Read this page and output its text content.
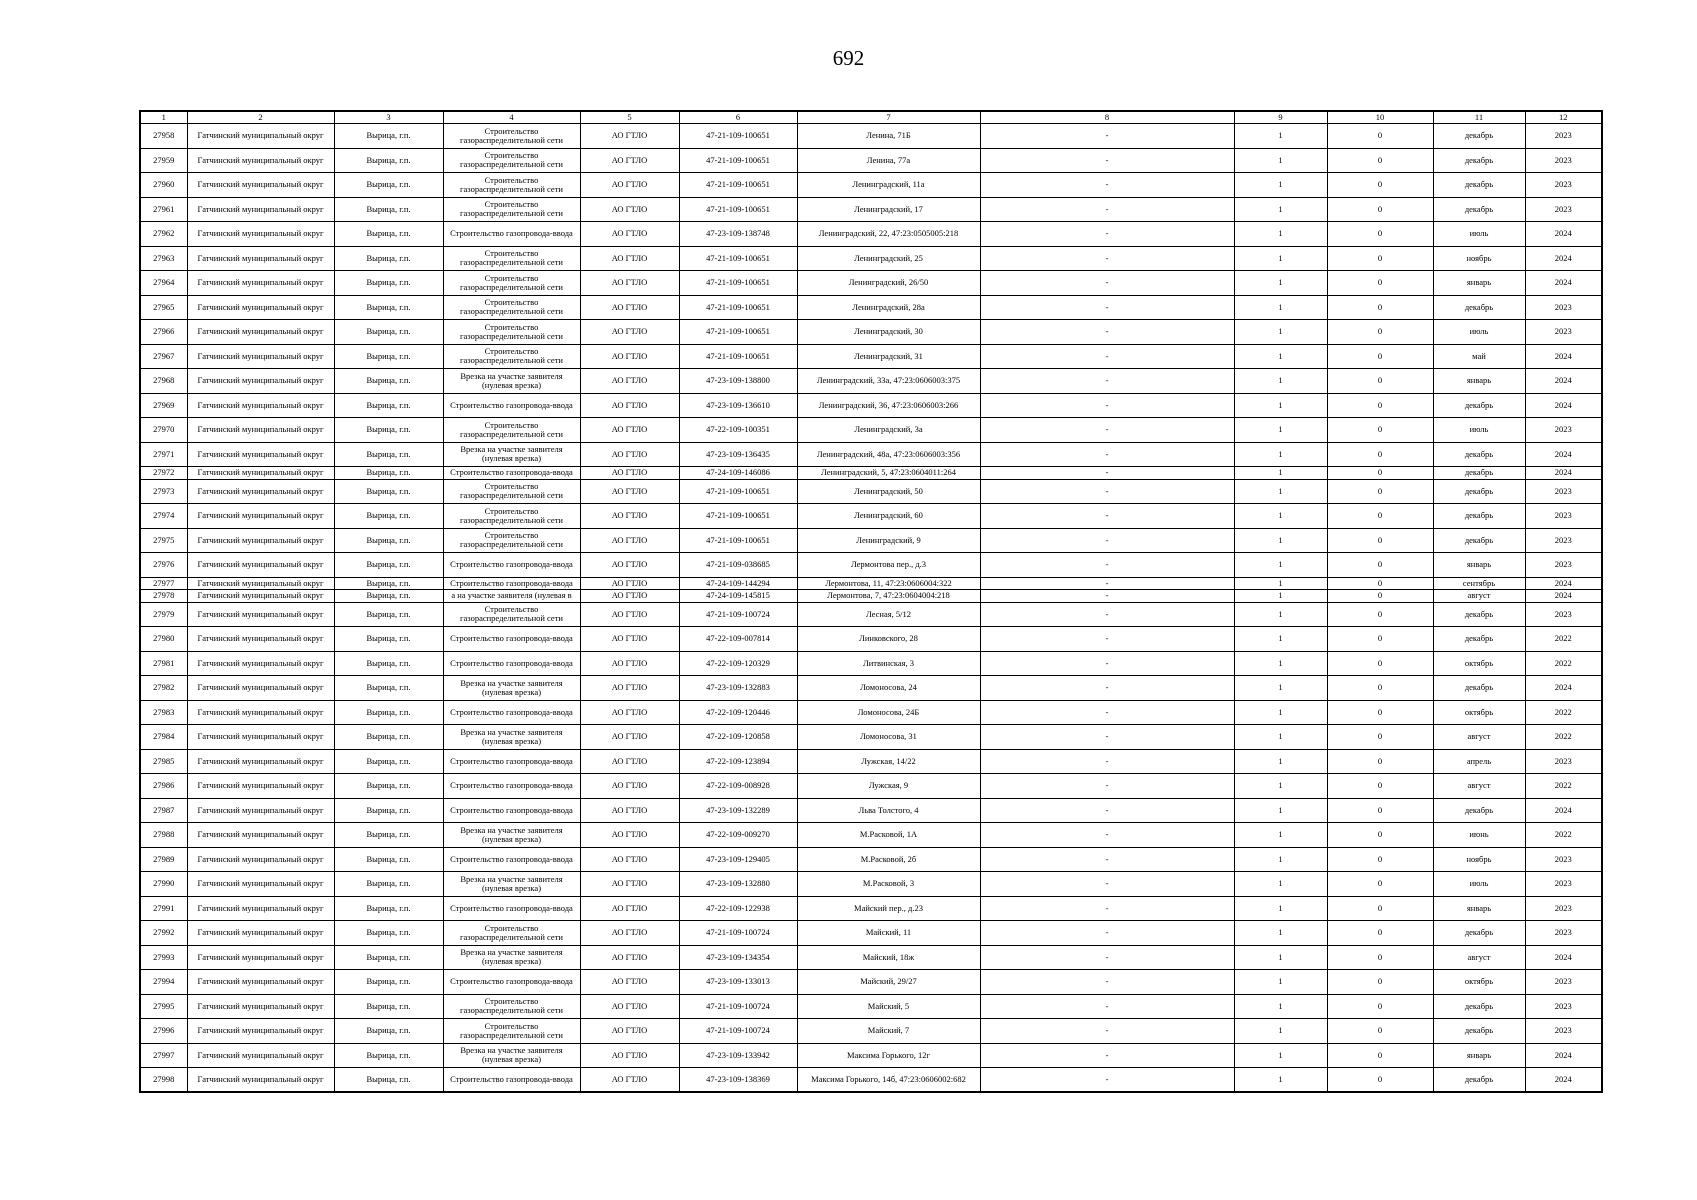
692
1	2	3	4	5	6	7	8	9	10	11	12
27958	Гатчинский муниципальный округ	Вырица, г.п.	Строительство газораспределительной сети	АО ГТЛО	47-21-109-100651	Ленина, 71Б	-	1	0	декабрь	2023
27959	Гатчинский муниципальный округ	Вырица, г.п.	Строительство газораспределительной сети	АО ГТЛО	47-21-109-100651	Ленина, 77а	-	1	0	декабрь	2023
27960	Гатчинский муниципальный округ	Вырица, г.п.	Строительство газораспределительной сети	АО ГТЛО	47-21-109-100651	Ленинградский, 11а	-	1	0	декабрь	2023
27961	Гатчинский муниципальный округ	Вырица, г.п.	Строительство газораспределительной сети	АО ГТЛО	47-21-109-100651	Ленинградский, 17	-	1	0	декабрь	2023
27962	Гатчинский муниципальный округ	Вырица, г.п.	Строительство газопровода-ввода	АО ГТЛО	47-23-109-138748	Ленинградский, 22, 47:23:0505005:218	-	1	0	июль	2024
27963	Гатчинский муниципальный округ	Вырица, г.п.	Строительство газораспределительной сети	АО ГТЛО	47-21-109-100651	Ленинградский, 25	-	1	0	ноябрь	2024
27964	Гатчинский муниципальный округ	Вырица, г.п.	Строительство газораспределительной сети	АО ГТЛО	47-21-109-100651	Ленинградский, 26/50	-	1	0	январь	2024
27965	Гатчинский муниципальный округ	Вырица, г.п.	Строительство газораспределительной сети	АО ГТЛО	47-21-109-100651	Ленинградский, 28а	-	1	0	декабрь	2023
27966	Гатчинский муниципальный округ	Вырица, г.п.	Строительство газораспределительной сети	АО ГТЛО	47-21-109-100651	Ленинградский, 30	-	1	0	июль	2023
27967	Гатчинский муниципальный округ	Вырица, г.п.	Строительство газораспределительной сети	АО ГТЛО	47-21-109-100651	Ленинградский, 31	-	1	0	май	2024
27968	Гатчинский муниципальный округ	Вырица, г.п.	Врезка на участке заявителя (нулевая врезка)	АО ГТЛО	47-23-109-138800	Ленинградский, 33а, 47:23:0606003:375	-	1	0	январь	2024
27969	Гатчинский муниципальный округ	Вырица, г.п.	Строительство газопровода-ввода	АО ГТЛО	47-23-109-136610	Ленинградский, 36, 47:23:0606003:266	-	1	0	декабрь	2024
27970	Гатчинский муниципальный округ	Вырица, г.п.	Строительство газораспределительной сети	АО ГТЛО	47-22-109-100351	Ленинградский, 3а	-	1	0	июль	2023
27971	Гатчинский муниципальный округ	Вырица, г.п.	Врезка на участке заявителя (нулевая врезка)	АО ГТЛО	47-23-109-136435	Ленинградский, 48а, 47:23:0606003:356	-	1	0	декабрь	2024
27972	Гатчинский муниципальный округ	Вырица, г.п.	Строительство газопровода-ввода	АО ГТЛО	47-24-109-146086	Ленинградский, 5, 47:23:0604011:264	-	1	0	декабрь	2024
27973	Гатчинский муниципальный округ	Вырица, г.п.	Строительство газораспределительной сети	АО ГТЛО	47-21-109-100651	Ленинградский, 50	-	1	0	декабрь	2023
27974	Гатчинский муниципальный округ	Вырица, г.п.	Строительство газораспределительной сети	АО ГТЛО	47-21-109-100651	Ленинградский, 60	-	1	0	декабрь	2023
27975	Гатчинский муниципальный округ	Вырица, г.п.	Строительство газораспределительной сети	АО ГТЛО	47-21-109-100651	Ленинградский, 9	-	1	0	декабрь	2023
27976	Гатчинский муниципальный округ	Вырица, г.п.	Строительство газопровода-ввода	АО ГТЛО	47-21-109-038685	Лермонтова пер., д.3	-	1	0	январь	2023
27977	Гатчинский муниципальный округ	Вырица, г.п.	Строительство газопровода-ввода	АО ГТЛО	47-24-109-144294	Лермонтова, 11, 47:23:0606004:322	-	1	0	сентябрь	2024
27978	Гатчинский муниципальный округ	Вырица, г.п.	а на участке заявителя (нулевая в	АО ГТЛО	47-24-109-145815	Лермонтова, 7, 47:23:0604004:218	-	1	0	август	2024
27979	Гатчинский муниципальный округ	Вырица, г.п.	Строительство газораспределительной сети	АО ГТЛО	47-21-109-100724	Лесная, 5/12	-	1	0	декабрь	2023
27980	Гатчинский муниципальный округ	Вырица, г.п.	Строительство газопровода-ввода	АО ГТЛО	47-22-109-007814	Линковского, 28	-	1	0	декабрь	2022
27981	Гатчинский муниципальный округ	Вырица, г.п.	Строительство газопровода-ввода	АО ГТЛО	47-22-109-120329	Литвинская, 3	-	1	0	октябрь	2022
27982	Гатчинский муниципальный округ	Вырица, г.п.	Врезка на участке заявителя (нулевая врезка)	АО ГТЛО	47-23-109-132883	Ломоносова, 24	-	1	0	декабрь	2024
27983	Гатчинский муниципальный округ	Вырица, г.п.	Строительство газопровода-ввода	АО ГТЛО	47-22-109-120446	Ломоносова, 24Б	-	1	0	октябрь	2022
27984	Гатчинский муниципальный округ	Вырица, г.п.	Врезка на участке заявителя (нулевая врезка)	АО ГТЛО	47-22-109-120858	Ломоносова, 31	-	1	0	август	2022
27985	Гатчинский муниципальный округ	Вырица, г.п.	Строительство газопровода-ввода	АО ГТЛО	47-22-109-123894	Лужская, 14/22	-	1	0	апрель	2023
27986	Гатчинский муниципальный округ	Вырица, г.п.	Строительство газопровода-ввода	АО ГТЛО	47-22-109-008928	Лужская, 9	-	1	0	август	2022
27987	Гатчинский муниципальный округ	Вырица, г.п.	Строительство газопровода-ввода	АО ГТЛО	47-23-109-132289	Льва Толстого, 4	-	1	0	декабрь	2024
27988	Гатчинский муниципальный округ	Вырица, г.п.	Врезка на участке заявителя (нулевая врезка)	АО ГТЛО	47-22-109-009270	М.Расковой, 1А	-	1	0	июнь	2022
27989	Гатчинский муниципальный округ	Вырица, г.п.	Строительство газопровода-ввода	АО ГТЛО	47-23-109-129405	М.Расковой, 2б	-	1	0	ноябрь	2023
27990	Гатчинский муниципальный округ	Вырица, г.п.	Врезка на участке заявителя (нулевая врезка)	АО ГТЛО	47-23-109-132880	М.Расковой, 3	-	1	0	июль	2023
27991	Гатчинский муниципальный округ	Вырица, г.п.	Строительство газопровода-ввода	АО ГТЛО	47-22-109-122938	Майский пер., д.23	-	1	0	январь	2023
27992	Гатчинский муниципальный округ	Вырица, г.п.	Строительство газораспределительной сети	АО ГТЛО	47-21-109-100724	Майский, 11	-	1	0	декабрь	2023
27993	Гатчинский муниципальный округ	Вырица, г.п.	Врезка на участке заявителя (нулевая врезка)	АО ГТЛО	47-23-109-134354	Майский, 18ж	-	1	0	август	2024
27994	Гатчинский муниципальный округ	Вырица, г.п.	Строительство газопровода-ввода	АО ГТЛО	47-23-109-133013	Майский, 29/27	-	1	0	октябрь	2023
27995	Гатчинский муниципальный округ	Вырица, г.п.	Строительство газораспределительной сети	АО ГТЛО	47-21-109-100724	Майский, 5	-	1	0	декабрь	2023
27996	Гатчинский муниципальный округ	Вырица, г.п.	Строительство газораспределительной сети	АО ГТЛО	47-21-109-100724	Майский, 7	-	1	0	декабрь	2023
27997	Гатчинский муниципальный округ	Вырица, г.п.	Врезка на участке заявителя (нулевая врезка)	АО ГТЛО	47-23-109-133942	Максима Горького, 12г	-	1	0	январь	2024
27998	Гатчинский муниципальный округ	Вырица, г.п.	Строительство газопровода-ввода	АО ГТЛО	47-23-109-138369	Максима Горького, 14б, 47:23:0606002:682	-	1	0	декабрь	2024
